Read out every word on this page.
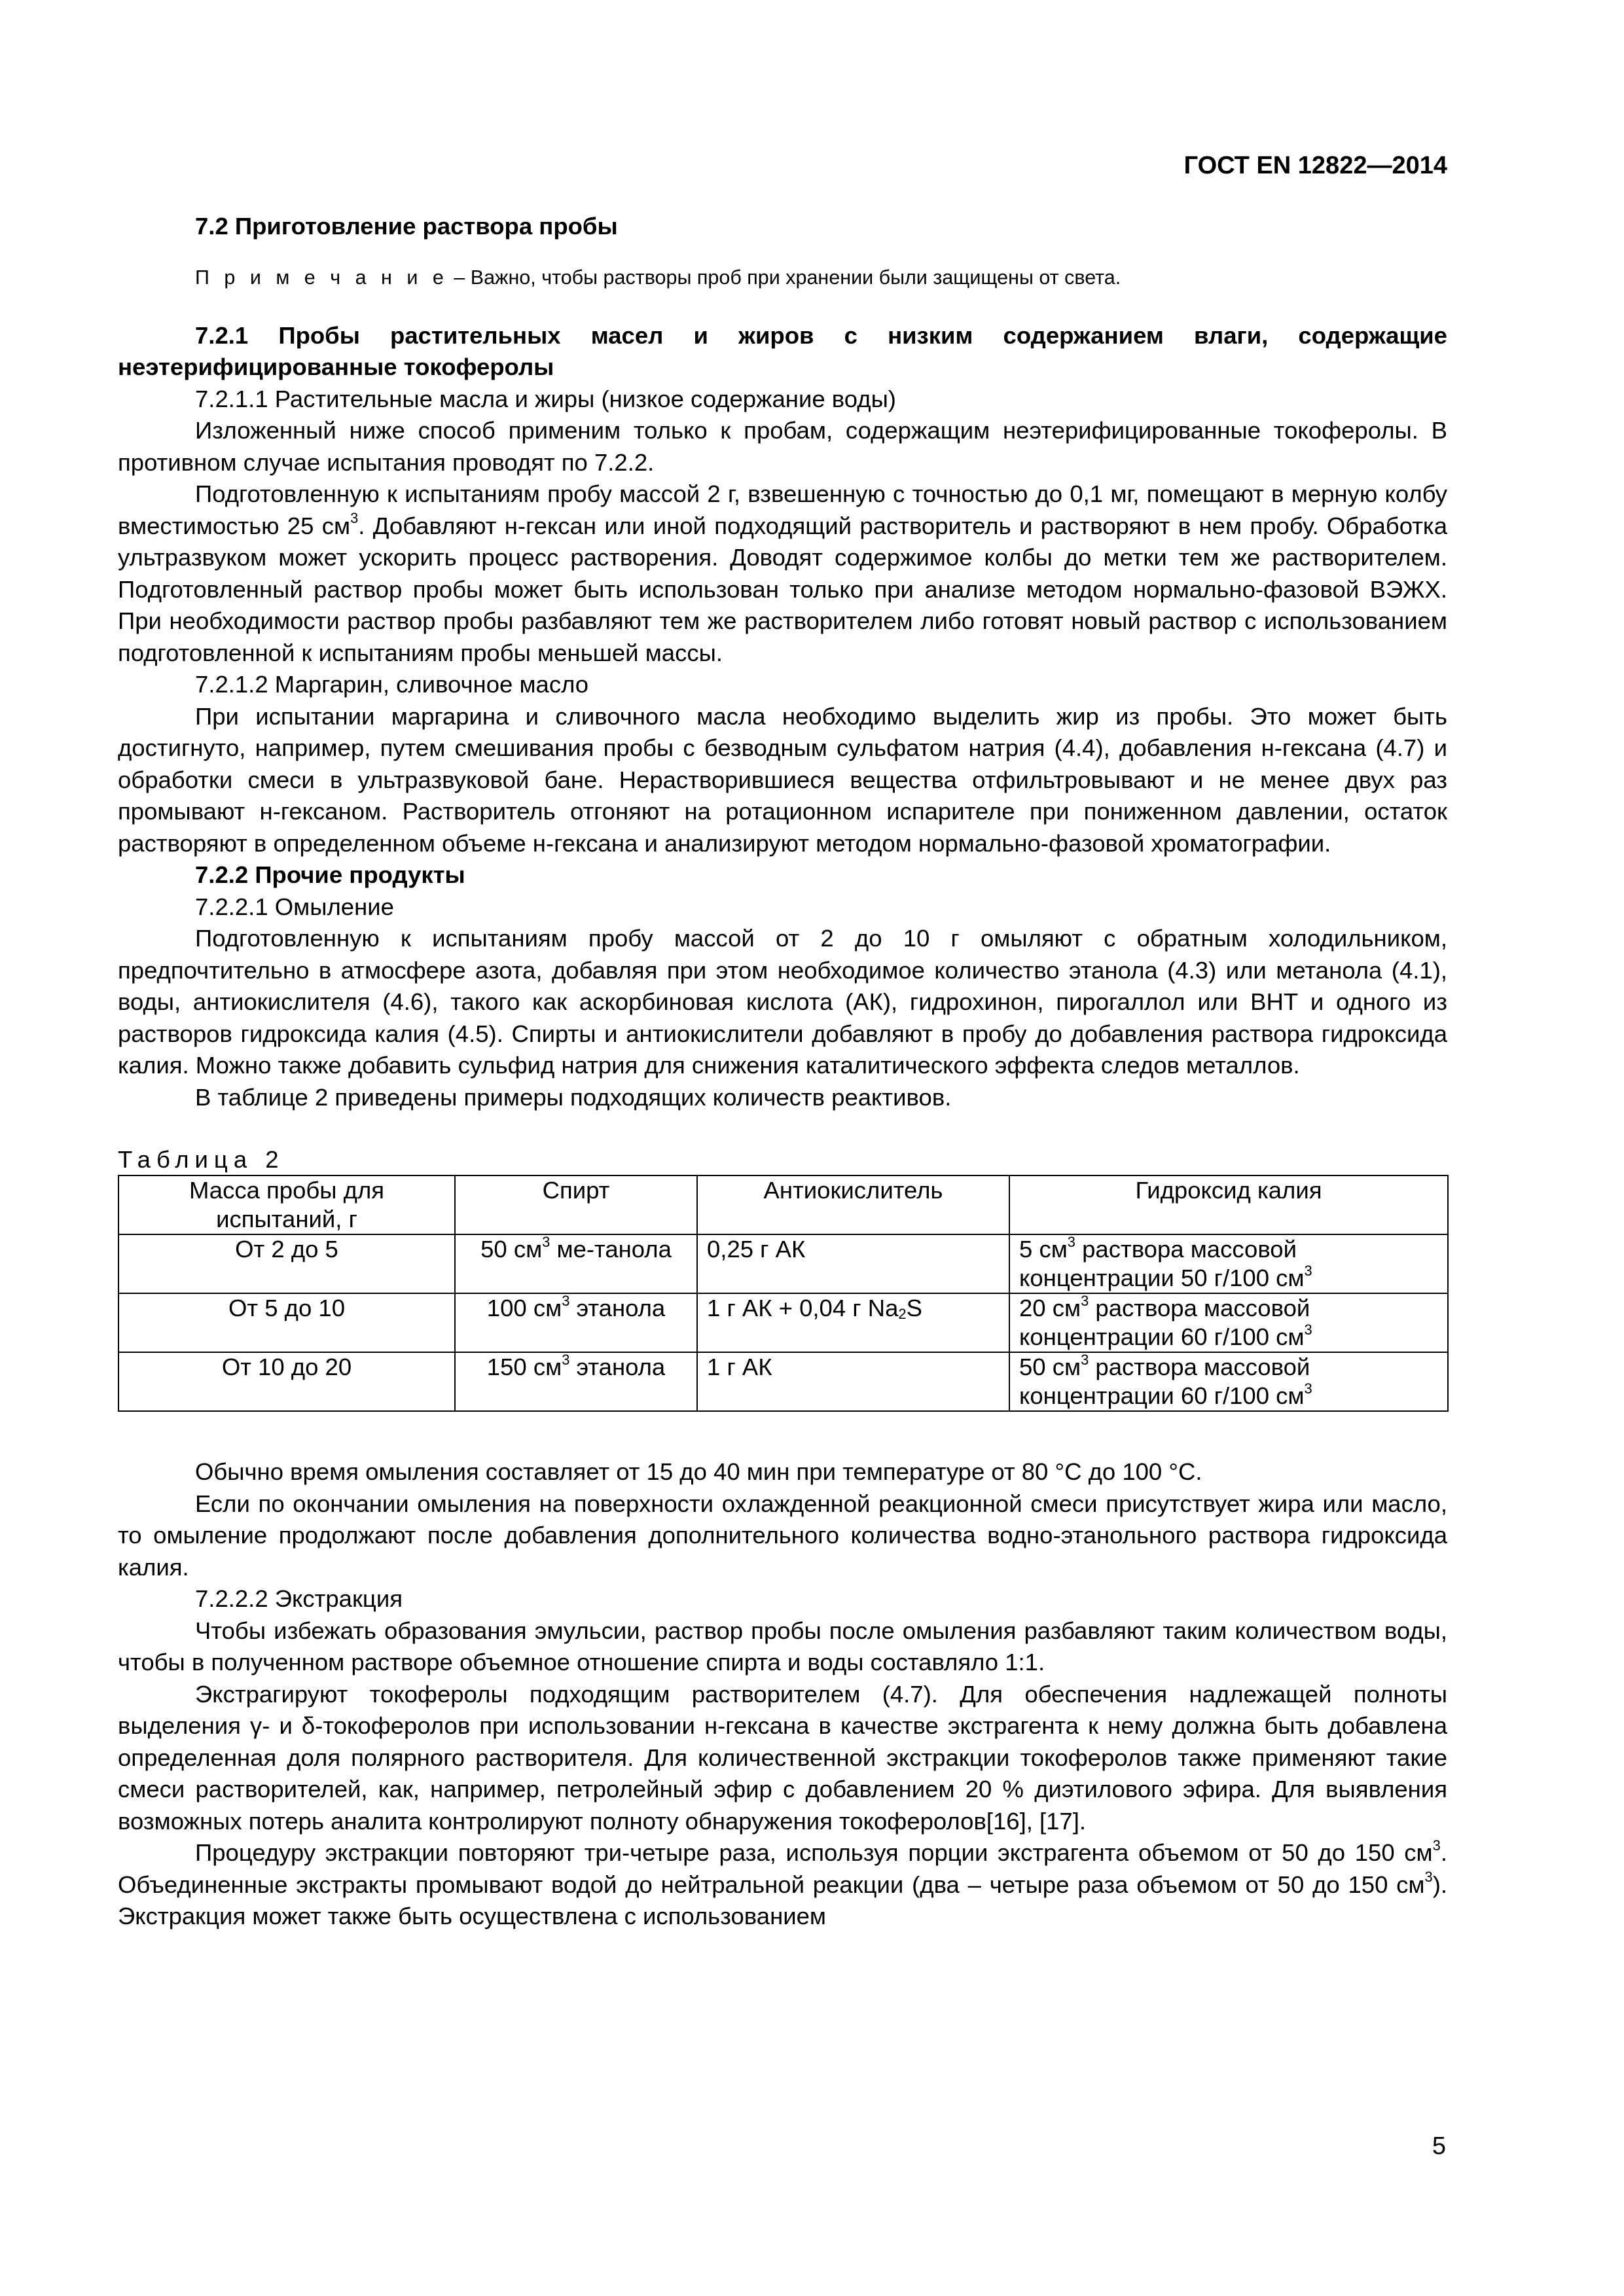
ГОСТ EN 12822—2014

7.2 Приготовление раствора пробы

П р и м е ч а н и е – Важно, чтобы растворы проб при хранении были защищены от света.

7.2.1 Пробы растительных масел и жиров с низким содержанием влаги, содержащие неэтерифицированные токоферолы

7.2.1.1 Растительные масла и жиры (низкое содержание воды)

Изложенный ниже способ применим только к пробам, содержащим неэтерифицированные токоферолы. В противном случае испытания проводят по 7.2.2.

Подготовленную к испытаниям пробу массой 2 г, взвешенную с точностью до 0,1 мг, помещают в мерную колбу вместимостью 25 $см^3$. Добавляют н-гексан или иной подходящий растворитель и растворяют в нем пробу. Обработка ультразвуком может ускорить процесс растворения. Доводят содержимое колбы до метки тем же растворителем. Подготовленный раствор пробы может быть использован только при анализе методом нормально-фазовой ВЭЖХ. При необходимости раствор пробы разбавляют тем же растворителем либо готовят новый раствор с использованием подготовленной к испытаниям пробы меньшей массы.

7.2.1.2 Маргарин, сливочное масло

При испытании маргарина и сливочного масла необходимо выделить жир из пробы. Это может быть достигнуто, например, путем смешивания пробы с безводным сульфатом натрия (4.4), добавления н-гексана (4.7) и обработки смеси в ультразвуковой бане. Нерастворившиеся вещества отфильтровывают и не менее двух раз промывают н-гексаном. Растворитель отгоняют на ротационном испарителе при пониженном давлении, остаток растворяют в определенном объеме н-гексана и анализируют методом нормально-фазовой хроматографии.

7.2.2 Прочие продукты

7.2.2.1 Омыление

Подготовленную к испытаниям пробу массой от 2 до 10 г омыляют с обратным холодильником, предпочтительно в атмосфере азота, добавляя при этом необходимое количество этанола (4.3) или метанола (4.1), воды, антиокислителя (4.6), такого как аскорбиновая кислота (АК), гидрохинон, пирогаллол или ВНТ и одного из растворов гидроксида калия (4.5). Спирты и антиокислители добавляют в пробу до добавления раствора гидроксида калия. Можно также добавить сульфид натрия для снижения каталитического эффекта следов металлов.

В таблице 2 приведены примеры подходящих количеств реактивов.

Таблица 2
Масса пробы для испытаний, г	Спирт	Антиокислитель	Гидроксид калия
От 2 до 5	50 $см^3$ ме-танола	0,25 г АК	5 $см^3$ раствора массовой концентрации 50 г/100 $см^3$
От 5 до 10	100 $см^3$ этанола	1 г АК + 0,04 г $Na_2S$	20 $см^3$ раствора массовой концентрации 60 г/100 $см^3$
От 10 до 20	150 $см^3$ этанола	1 г АК	50 $см^3$ раствора массовой концентрации 60 г/100 $см^3$

Обычно время омыления составляет от 15 до 40 мин при температуре от 80 °С до 100 °С.

Если по окончании омыления на поверхности охлажденной реакционной смеси присутствует жира или масло, то омыление продолжают после добавления дополнительного количества водно-этанольного раствора гидроксида калия.

7.2.2.2 Экстракция

Чтобы избежать образования эмульсии, раствор пробы после омыления разбавляют таким количеством воды, чтобы в полученном растворе объемное отношение спирта и воды составляло 1:1.

Экстрагируют токоферолы подходящим растворителем (4.7). Для обеспечения надлежащей полноты выделения γ- и δ-токоферолов при использовании н-гексана в качестве экстрагента к нему должна быть добавлена определенная доля полярного растворителя. Для количественной экстракции токоферолов также применяют такие смеси растворителей, как, например, петролейный эфир с добавлением 20 % диэтилового эфира. Для выявления возможных потерь аналита контролируют полноту обнаружения токоферолов[16], [17].

Процедуру экстракции повторяют три-четыре раза, используя порции экстрагента объемом от 50 до 150 $см^3$. Объединенные экстракты промывают водой до нейтральной реакции (два – четыре раза объемом от 50 до 150 $см^3$). Экстракция может также быть осуществлена с использованием

5
